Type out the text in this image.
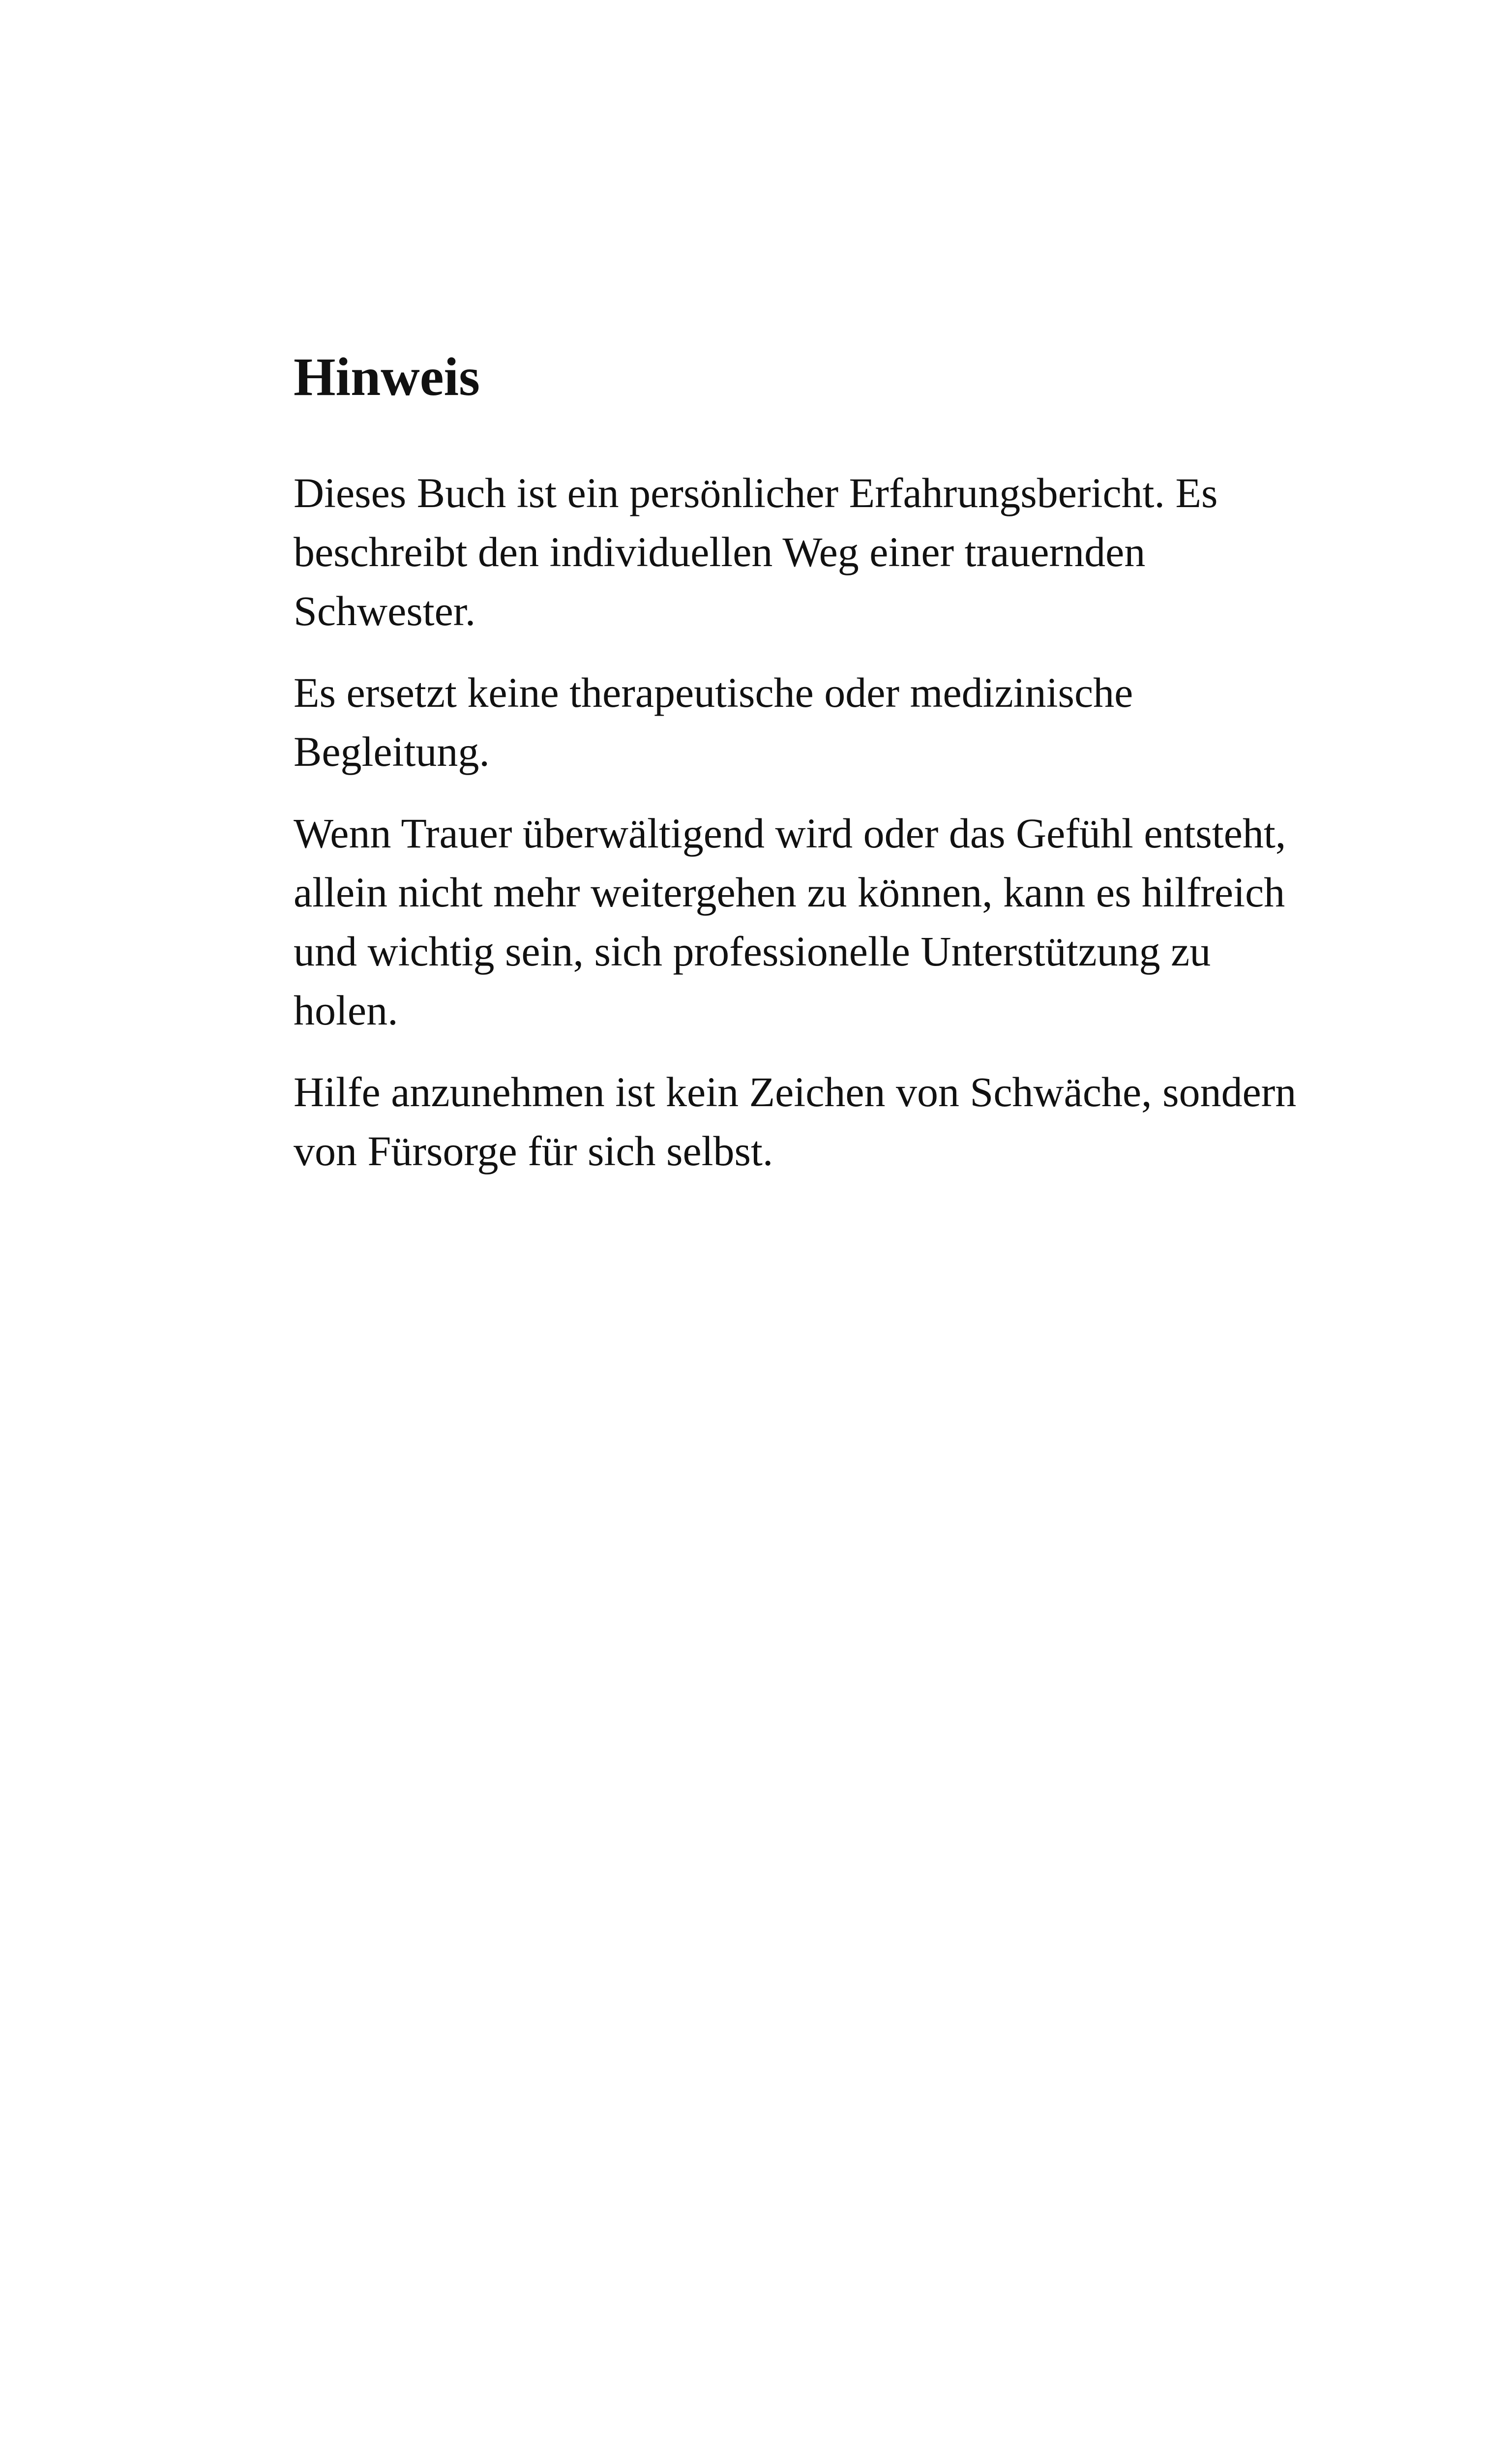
Hinweis

Dieses Buch ist ein persönlicher Erfahrungsbericht. Es beschreibt den individuellen Weg einer trauernden Schwester.

Es ersetzt keine therapeutische oder medizinische Begleitung.

Wenn Trauer überwältigend wird oder das Gefühl entsteht, allein nicht mehr weitergehen zu können, kann es hilfreich und wichtig sein, sich professionelle Unterstützung zu holen.

Hilfe anzunehmen ist kein Zeichen von Schwäche, sondern von Fürsorge für sich selbst.
